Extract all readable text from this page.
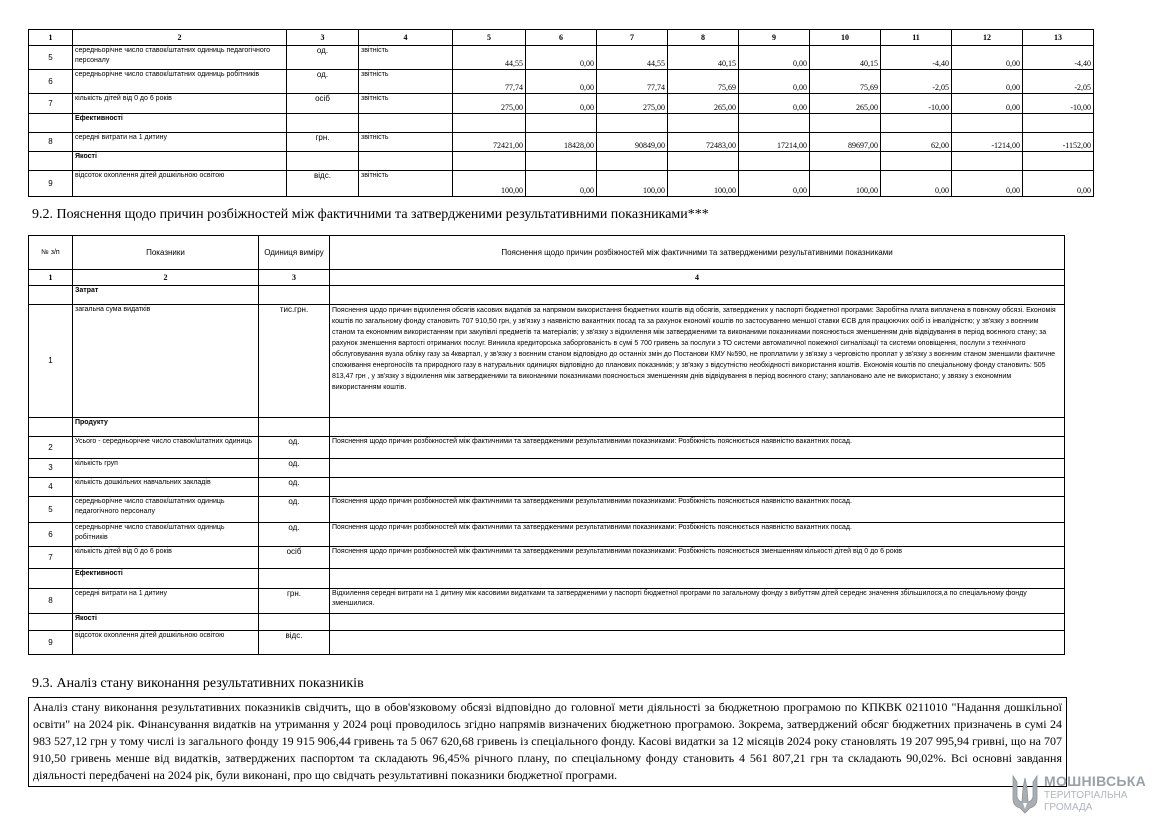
1	2	3	4	5	6	7	8	9	10	11	12	13
5	середньорічне число ставок/штатних одиниць педагогічного персоналу	од.	звітність	44,55	0,00	44,55	40,15	0,00	40,15	-4,40	0,00	-4,40
6	середньорічне число ставок/штатних одиниць робітників	од.	звітність	77,74	0,00	77,74	75,69	0,00	75,69	-2,05	0,00	-2,05
7	кількість дітей від 0 до 6 років	осіб	звітність	275,00	0,00	275,00	265,00	0,00	265,00	-10,00	0,00	-10,00
	Ефективності											
8	середні витрати на 1 дитину	грн.	звітність	72421,00	18428,00	90849,00	72483,00	17214,00	89697,00	62,00	-1214,00	-1152,00
	Якості											
9	відсоток охоплення дітей дошкільною освітою	відс.	звітність	100,00	0,00	100,00	100,00	0,00	100,00	0,00	0,00	0,00
9.2. Пояснення щодо причин розбіжностей між фактичними та затвердженими результативними показниками***
№ з/п	Показники	Одиниця виміру	Пояснення щодо причин розбіжностей між фактичними та затвердженими результативними показниками
1	2	3	4
	Затрат		
1	загальна сума видатків	тис.грн.	Пояснення щодо причин відхилення обсягів касових видатків за напрямом використання бюджетних коштів від обсягів, затверджених у паспорті бюджетної програми: Заробітна плата виплачена в повному обсязі. Економія коштів по загальному фонду становить 707 910,50 грн, у зв'язку з наявністю вакантних посад та за рахунок економії коштів по застосуванню меншої ставки ЄСВ для працюючих осіб із інвалідністю; у зв'язку з воєнним станом та економним використанням при закупівлі предметів та матеріалів; у зв'язку з відхилення між затвердженими та виконаними показниками пояснюється зменшенням днів відвідування в період воєнного стану; за рахунок зменшення вартості отриманих послуг. Виникла кредиторська заборгованість в сумі 5 700 гривень за послуги з ТО системи автоматичної пожежної сигналізації та системи оповіщення, послуги з технічного обслуговування вузла обліку газу за 4квартал, у зв'язку з воєнним станом відповідно до останніх змін до Постанови КМУ №590, не проплатили у зв'язку з черговістю проплат у зв'язку з воєнним станом зменшили фактичне споживання енергоносіїв та природного газу в натуральних одиницях відповідно до планових показників; у зв'язку з відсутністю необхідності використання коштів. Економія коштів по спеціальному фонду становить: 505 813,47 грн , у зв'язку з відхилення між затвердженими та виконаними показниками пояснюється зменшенням днів відвідування в період воєнного стану; заплановано але не використано; у звязку з економним використанням коштів.
	Продукту		
2	Усього - середньорічне число ставок/штатних одиниць	од.	Пояснення щодо причин розбіжностей між фактичними та затвердженими результативними показниками: Розбіжність пояснюється наявністю вакантних посад.
3	кількість груп	од.	
4	кількість дошкільних навчальних закладів	од.	
5	середньорічне число ставок/штатних одиниць педагогічного персоналу	од.	Пояснення щодо причин розбіжностей між фактичними та затвердженими результативними показниками: Розбіжність пояснюється наявністю вакантних посад.
6	середньорічне число ставок/штатних одиниць робітників	од.	Пояснення щодо причин розбіжностей між фактичними та затвердженими результативними показниками: Розбіжність пояснюється наявністю вакантних посад.
7	кількість дітей від 0 до 6 років	осіб	Пояснення щодо причин розбіжностей між фактичними та затвердженими результативними показниками: Розбіжність пояснюється зменшенням кількості дітей від 0 до 6 років
	Ефективності		
8	середні витрати на 1 дитину	грн.	Відхилення середні витрати на 1 дитину між касовими видатками та затвердженими у паспорті бюджетної програми по загальному фонду з вибуттям дітей середнє значення збільшилося,а по спеціальному фонду зменшилися.
	Якості		
9	відсоток охоплення дітей дошкільною освітою	відс.	
9.3. Аналіз стану виконання результативних показників
Аналіз стану виконання результативних показників свідчить, що в обов'язковому обсязі відповідно до головної мети діяльності за бюджетною програмою по КПКВК 0211010 "Надання дошкільної освіти" на 2024 рік. Фінансування видатків на утримання у 2024 році проводилось згідно напрямів визначених бюджетною програмою. Зокрема, затверджений обсяг бюджетних призначень в сумі 24 983 527,12 грн у тому числі із загального фонду 19 915 906,44 гривень та 5 067 620,68 гривень із спеціального фонду. Касові видатки за 12 місяців 2024 року становлять 19 207 995,94 гривні, що на 707 910,50 гривень менше від видатків, затверджених паспортом та складають 96,45% річного плану, по спеціальному фонду становить 4 561 807,21 грн та складають 90,02%. Всі основні завдання діяльності передбачені на 2024 рік, були виконані, про що свідчать результативні показники бюджетної програми.	МОШНІВСЬКА
ТЕРИТОРІАЛЬНА
ГРОМАДА
